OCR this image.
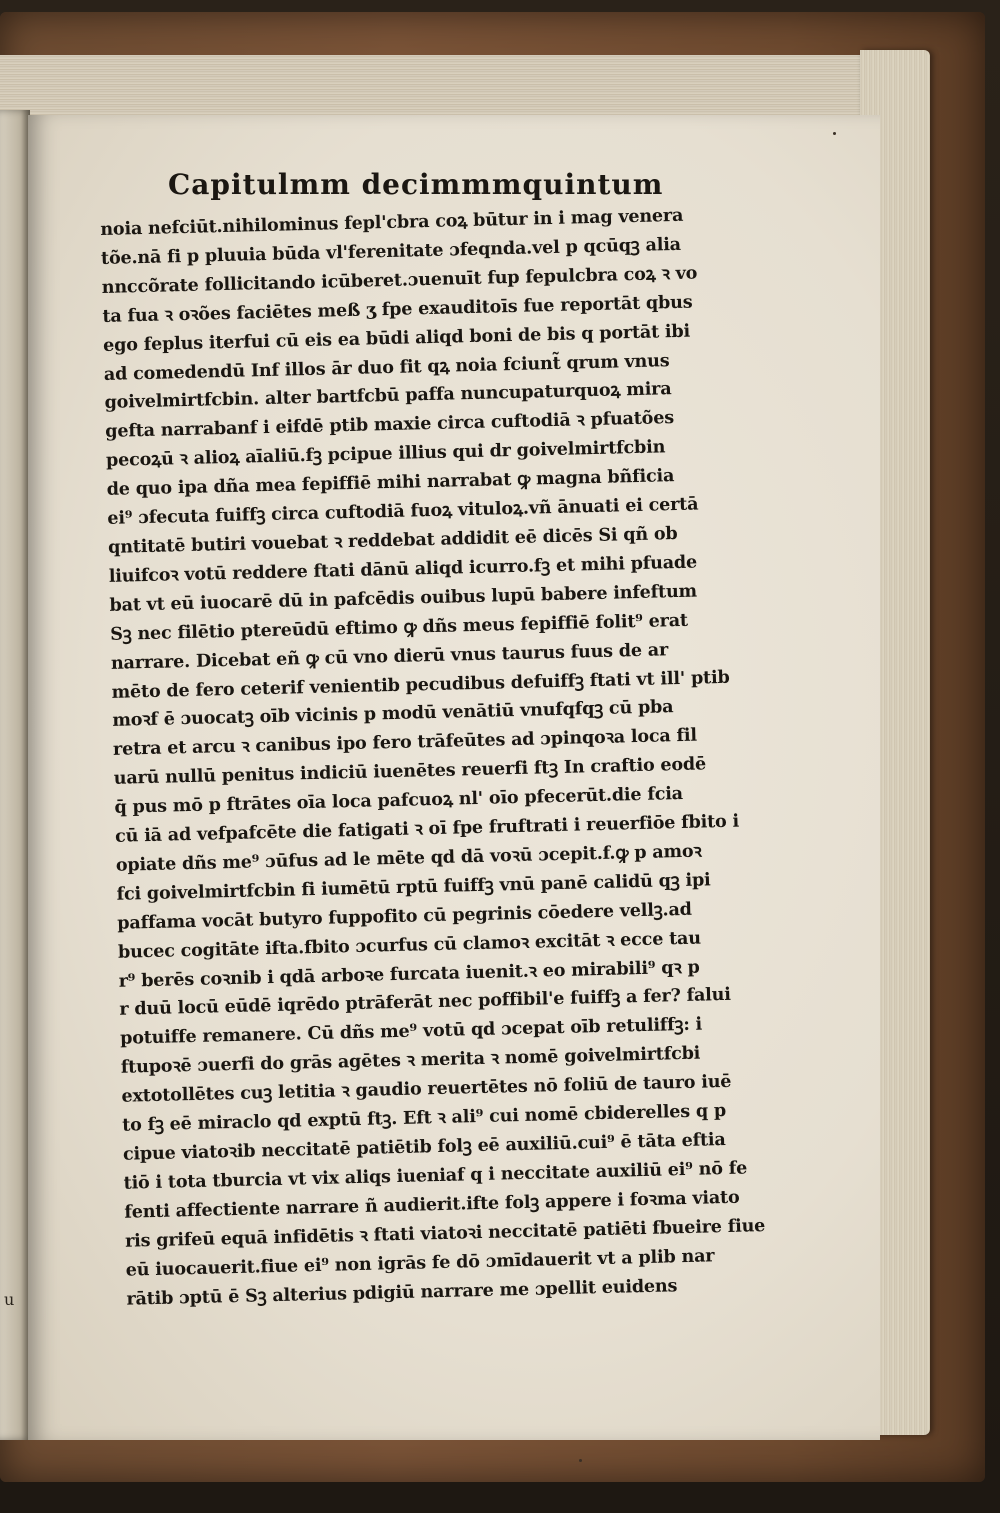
Capitulmm decimmmquintum
noia nefciūt.nihilominus fepl'cbra coꝝ būtur in i mag venera
tõe.nā fi p pluuia būda vl'ferenitate ɔfeqnda.vel p qcūqꝫ alia
nnccõrate follicitando icūberet.ɔuenuīt fup fepulcbra coꝝ ꝛ vo
ta fua ꝛ oꝛões faciētes meß ʒ fpe exauditoīs fue reportāt qbus
ego feplus iterfui cū eis ea būdi aliqd boni de bis q portāt ibi
ad comedendū Inf illos ār duo fit qꝝ noia fciunt̃ qrum vnus
goivelmirtfcbin. alter bartfcbū paffa nuncupaturquoꝝ mira
gefta narrabanf i eifdē ptib maxie circa cuftodiā ꝛ pfuatões
pecoꝝū ꝛ alioꝝ aīaliū.fꝫ pcipue illius qui dr goivelmirtfcbin
de quo ipa dña mea fepiffiē mihi narrabat ꝙ magna bñficia
ei⁹ ɔfecuta fuiffꝫ circa cuftodiā fuoꝝ vituloꝝ.vñ ānuati ei certā
qntitatē butiri vouebat ꝛ reddebat addidit eē dicēs Si qñ ob
liuifcoꝛ votū reddere ftati dānū aliqd icurro.fꝫ et mihi pfuade
bat vt eū iuocarē dū in pafcēdis ouibus lupū babere infeftum
Sꝫ nec filētio ptereūdū eftimo ꝙ dñs meus fepiffiē folit⁹ erat
narrare. Dicebat eñ ꝙ cū vno dierū vnus taurus fuus de ar
mēto de fero ceterif venientib pecudibus defuiffꝫ ftati vt ill' ptib
moꝛf ē ɔuocatꝫ oīb vicinis p modū venātiū vnufqfqꝫ cū pba
retra et arcu ꝛ canibus ipo fero trāfeūtes ad ɔpinqoꝛa loca fil
uarū nullū penitus indiciū iuenētes reuerfi ftꝫ In craftio eodē
q̄ pus mō p ftrātes oīa loca pafcuoꝝ nl' oīo pfecerūt.die fcia
cū iā ad vefpafcēte die fatigati ꝛ oī fpe fruftrati i reuerfiōe fbito i
opiate dñs me⁹ ɔūfus ad le mēte qd dā voꝛū ɔcepit.f.ꝙ p amoꝛ
fci goivelmirtfcbin fi iumētū rptū fuiffꝫ vnū panē calidū qꝫ ipi
paffama vocāt butyro fuppofito cū pegrinis cōedere vellꝫ.ad
bucec cogitāte ifta.fbito ɔcurfus cū clamoꝛ excitāt ꝛ ecce tau
r⁹ berēs coꝛnib i qdā arboꝛe furcata iuenit.ꝛ eo mirabili⁹ qꝛ p
r duū locū eūdē iqrēdo ptrāferāt nec poffibil'e fuiffꝫ a fer? falui
potuiffe remanere. Cū dñs me⁹ votū qd ɔcepat oīb retuliffꝫ: i
ftupoꝛē ɔuerfi do grās agētes ꝛ merita ꝛ nomē goivelmirtfcbi
extotollētes cuꝫ letitia ꝛ gaudio reuertētes nō foliū de tauro iuē
to fꝫ eē miraclo qd exptū ftꝫ. Eft ꝛ ali⁹ cui nomē cbiderelles q p
cipue viatoꝛib neccitatē patiētib folꝫ eē auxiliū.cui⁹ ē tāta eftia
tiō i tota tburcia vt vix aliqs iueniaf q i neccitate auxiliū ei⁹ nō fe
fenti affectiente narrare ñ audierit.ifte folꝫ appere i foꝛma viato
ris grifeū equā infidētis ꝛ ftati viatoꝛi neccitatē patiēti fbueire fiue
eū iuocauerit.fiue ei⁹ non igrās fe dō ɔmīdauerit vt a plib nar
rātib ɔptū ē Sꝫ alterius pdigiū narrare me ɔpellit euidens
u
